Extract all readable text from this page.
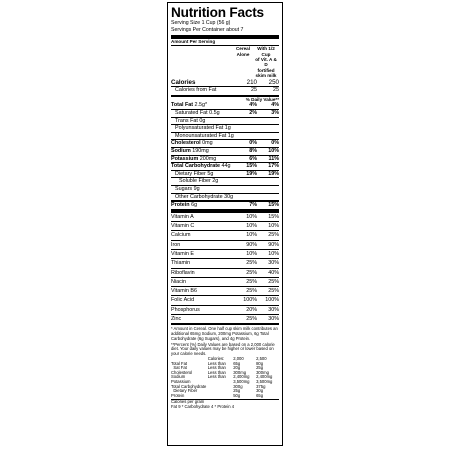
Nutrition Facts
Serving Size 1 Cup (56 g)
Servings Per Container about 7
Amount Per Serving
Cereal
Alone
With 1/2 Cup
of Vit. A & D
fortified
skim milk
Calories	210	250
Calories from Fat	25	25
% Daily Value**
Total Fat 2.5g*	4%	4%
Saturated Fat 0.5g	2%	3%
Trans Fat 0g
Polyunsaturated Fat 1g
Monounsaturated Fat 1g
Cholesterol 0mg	0%	0%
Sodium 190mg	8%	10%
Potassium 200mg	6%	11%
Total Carbohydrate 44g	15%	17%
Dietary Fiber 5g	19%	19%
Soluble Fiber 2g
Sugars 9g
Other Carbohydrate 30g
Protein 6g	7%	15%
Vitamin A	10%	15%
Vitamin C	10%	10%
Calcium	10%	25%
Iron	90%	90%
Vitamin E	10%	10%
Thiamin	25%	30%
Riboflavin	25%	40%
Niacin	25%	25%
Vitamin B6	25%	25%
Folic Acid	100%	100%
Phosphorus	20%	30%
Zinc	25%	30%
* Amount in Cereal. One half cup skim milk contributes an additional 65mg Sodium, 200mg Potassium, 6g Total Carbohydrate (6g Sugars), and 4g Protein.
**Percent (%) Daily Values are based on a 2,000 calorie diet. Your daily values may be higher or lower based on your calorie needs.
	Calories:	2,000	2,500
Total Fat	Less than	65g	80g
Sat Fat	Less than	20g	25g
Cholesterol	Less than	300mg	300mg
Sodium	Less than	2,400mg	2,400mg
Potassium		3,500mg	3,500mg
Total Carbohydrate		300g	375g
Dietary Fiber		25g	30g
Protein		50g	65g
Calories per gram
Fat 9 * Carbohydrate 4 * Protein 4
